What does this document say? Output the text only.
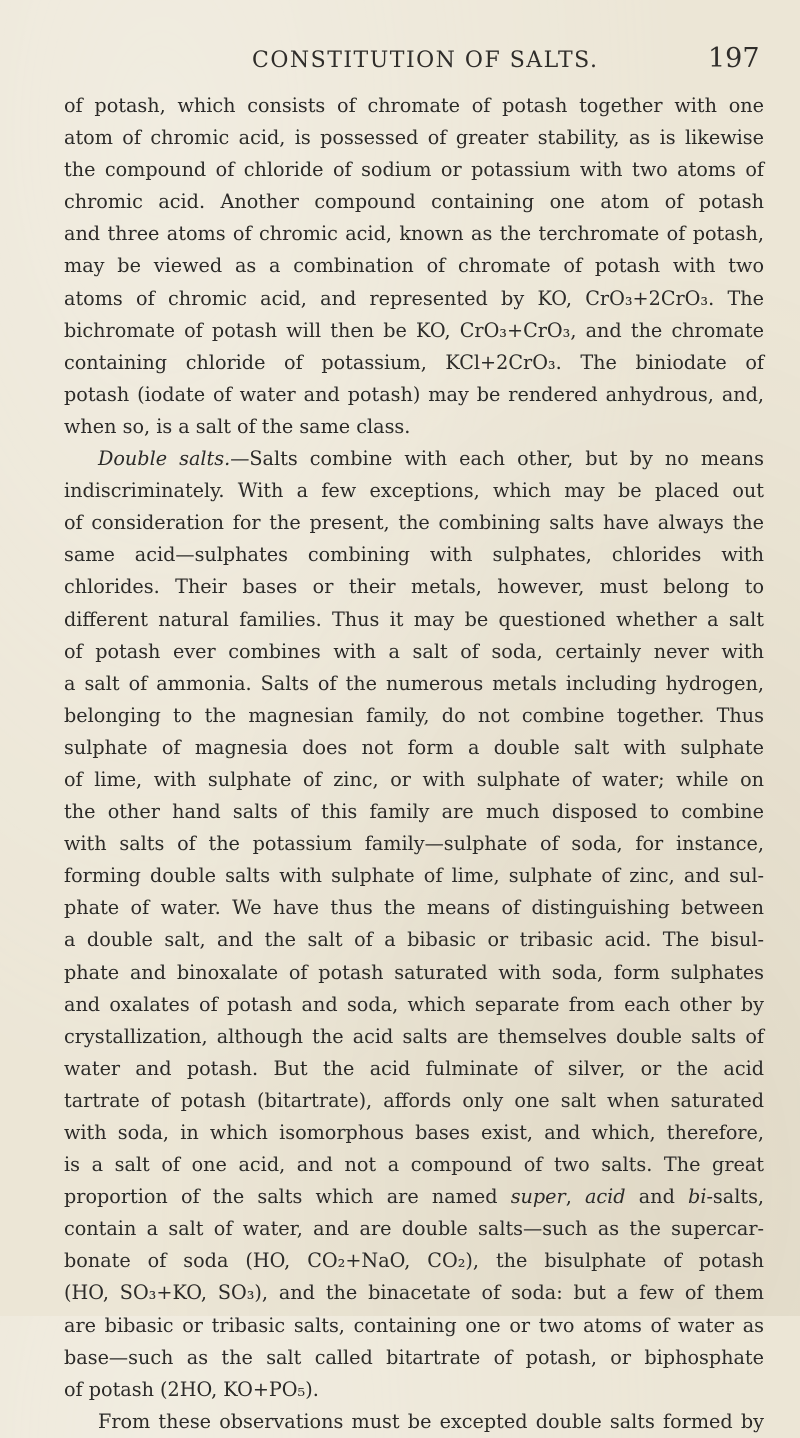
CONSTITUTION OF SALTS.	197
of potash, which consists of chromate of potash together with one
atom of chromic acid, is possessed of greater stability, as is likewise
the compound of chloride of sodium or potassium with two atoms of
chromic acid. Another compound containing one atom of potash
and three atoms of chromic acid, known as the terchromate of potash,
may be viewed as a combination of chromate of potash with two
atoms of chromic acid, and represented by KO, CrO₃+2CrO₃. The
bichromate of potash will then be KO, CrO₃+CrO₃, and the chromate
containing chloride of potassium, KCl+2CrO₃. The biniodate of
potash (iodate of water and potash) may be rendered anhydrous, and,
when so, is a salt of the same class.
Double salts.—Salts combine with each other, but by no means
indiscriminately. With a few exceptions, which may be placed out
of consideration for the present, the combining salts have always the
same acid—sulphates combining with sulphates, chlorides with
chlorides. Their bases or their metals, however, must belong to
different natural families. Thus it may be questioned whether a salt
of potash ever combines with a salt of soda, certainly never with
a salt of ammonia. Salts of the numerous metals including hydrogen,
belonging to the magnesian family, do not combine together. Thus
sulphate of magnesia does not form a double salt with sulphate
of lime, with sulphate of zinc, or with sulphate of water; while on
the other hand salts of this family are much disposed to combine
with salts of the potassium family—sulphate of soda, for instance,
forming double salts with sulphate of lime, sulphate of zinc, and sul-
phate of water. We have thus the means of distinguishing between
a double salt, and the salt of a bibasic or tribasic acid. The bisul-
phate and binoxalate of potash saturated with soda, form sulphates
and oxalates of potash and soda, which separate from each other by
crystallization, although the acid salts are themselves double salts of
water and potash. But the acid fulminate of silver, or the acid
tartrate of potash (bitartrate), affords only one salt when saturated
with soda, in which isomorphous bases exist, and which, therefore,
is a salt of one acid, and not a compound of two salts. The great
proportion of the salts which are named super, acid and bi-salts,
contain a salt of water, and are double salts—such as the supercar-
bonate of soda (HO, CO₂+NaO, CO₂), the bisulphate of potash
(HO, SO₃+KO, SO₃), and the binacetate of soda: but a few of them
are bibasic or tribasic salts, containing one or two atoms of water as
base—such as the salt called bitartrate of potash, or biphosphate
of potash (2HO, KO+PO₅).
From these observations must be excepted double salts formed by
